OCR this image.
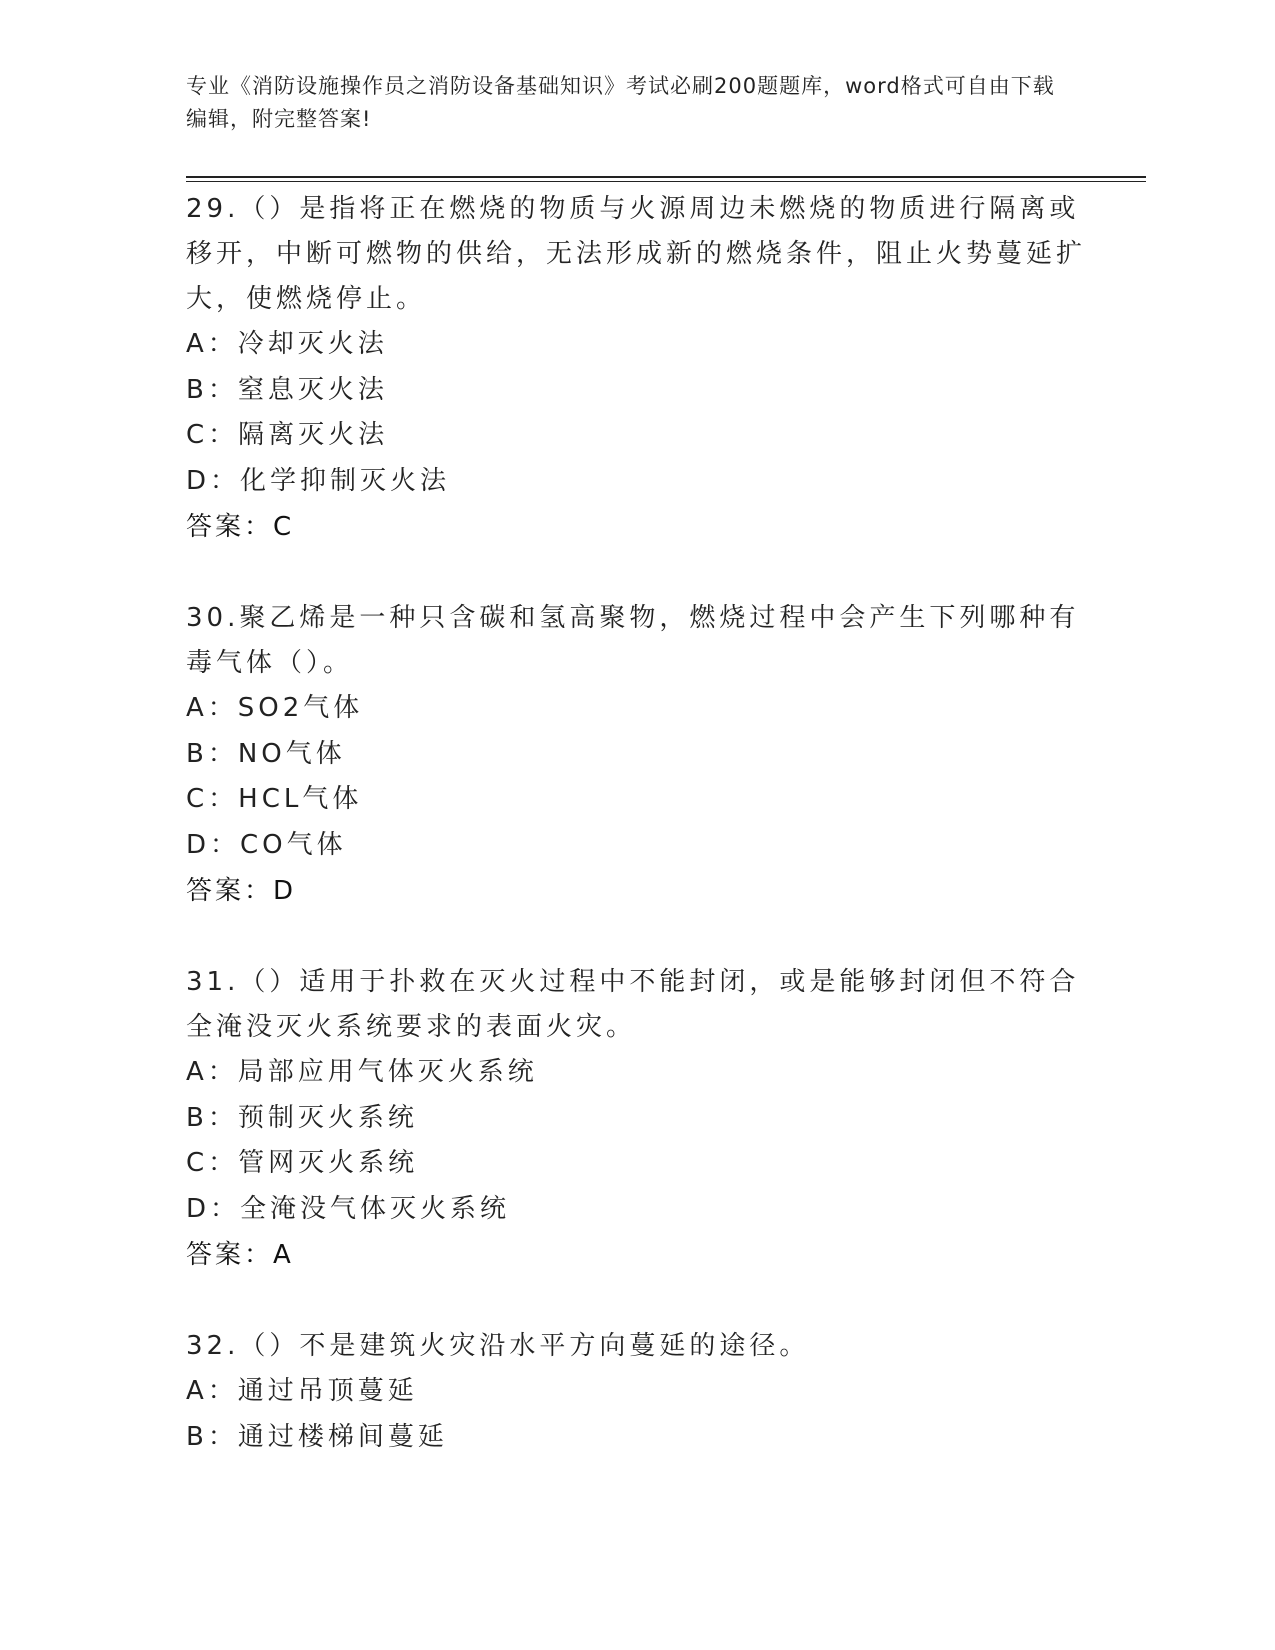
专业《消防设施操作员之消防设备基础知识》考试必刷200题题库，word格式可自由下载编辑，附完整答案!

29.（）是指将正在燃烧的物质与火源周边未燃烧的物质进行隔离或移开，中断可燃物的供给，无法形成新的燃烧条件，阻止火势蔓延扩大，使燃烧停止。

A：冷却灭火法

B：窒息灭火法

C：隔离灭火法

D：化学抑制灭火法

答案：C

30.聚乙烯是一种只含碳和氢高聚物，燃烧过程中会产生下列哪种有毒气体（）。

A：SO2气体

B：NO气体

C：HCL气体

D：CO气体

答案：D

31.（）适用于扑救在灭火过程中不能封闭，或是能够封闭但不符合全淹没灭火系统要求的表面火灾。

A：局部应用气体灭火系统

B：预制灭火系统

C：管网灭火系统

D：全淹没气体灭火系统

答案：A

32.（）不是建筑火灾沿水平方向蔓延的途径。

A：通过吊顶蔓延

B：通过楼梯间蔓延
